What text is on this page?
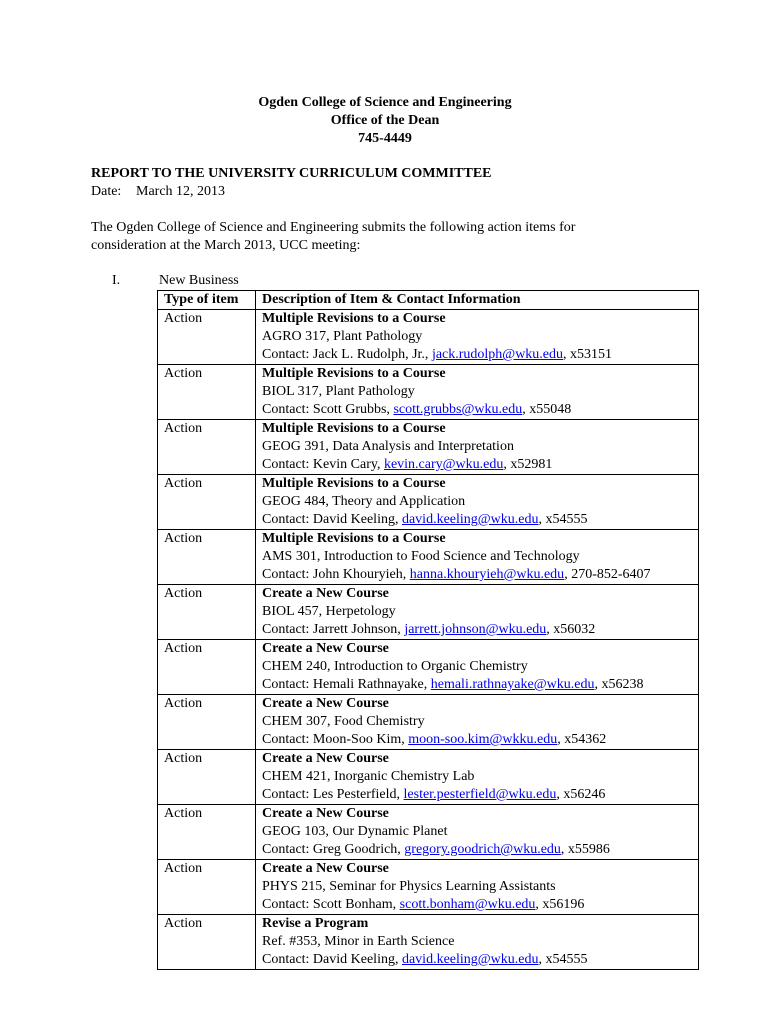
Ogden College of Science and Engineering
Office of the Dean
745-4449
REPORT TO THE UNIVERSITY CURRICULUM COMMITTEE
Date: March 12, 2013
The Ogden College of Science and Engineering submits the following action items for
consideration at the March 2013, UCC meeting:
I.	New Business
Type of item	Description of Item & Contact Information
Action	Multiple Revisions to a Course
AGRO 317, Plant Pathology
Contact: Jack L. Rudolph, Jr., jack.rudolph@wku.edu, x53151

Action	Multiple Revisions to a Course
BIOL 317, Plant Pathology
Contact: Scott Grubbs, scott.grubbs@wku.edu, x55048

Action	Multiple Revisions to a Course
GEOG 391, Data Analysis and Interpretation
Contact: Kevin Cary, kevin.cary@wku.edu, x52981

Action	Multiple Revisions to a Course
GEOG 484, Theory and Application
Contact: David Keeling, david.keeling@wku.edu, x54555

Action	Multiple Revisions to a Course
AMS 301, Introduction to Food Science and Technology
Contact: John Khouryieh, hanna.khouryieh@wku.edu, 270-852-6407

Action	Create a New Course
BIOL 457, Herpetology
Contact: Jarrett Johnson, jarrett.johnson@wku.edu, x56032

Action	Create a New Course
CHEM 240, Introduction to Organic Chemistry
Contact: Hemali Rathnayake, hemali.rathnayake@wku.edu, x56238

Action	Create a New Course
CHEM 307, Food Chemistry
Contact: Moon-Soo Kim, moon-soo.kim@wkku.edu, x54362

Action	Create a New Course
CHEM 421, Inorganic Chemistry Lab
Contact: Les Pesterfield, lester.pesterfield@wku.edu, x56246

Action	Create a New Course
GEOG 103, Our Dynamic Planet
Contact: Greg Goodrich, gregory.goodrich@wku.edu, x55986

Action	Create a New Course
PHYS 215, Seminar for Physics Learning Assistants
Contact: Scott Bonham, scott.bonham@wku.edu, x56196

Action	Revise a Program
Ref. #353, Minor in Earth Science
Contact: David Keeling, david.keeling@wku.edu, x54555
